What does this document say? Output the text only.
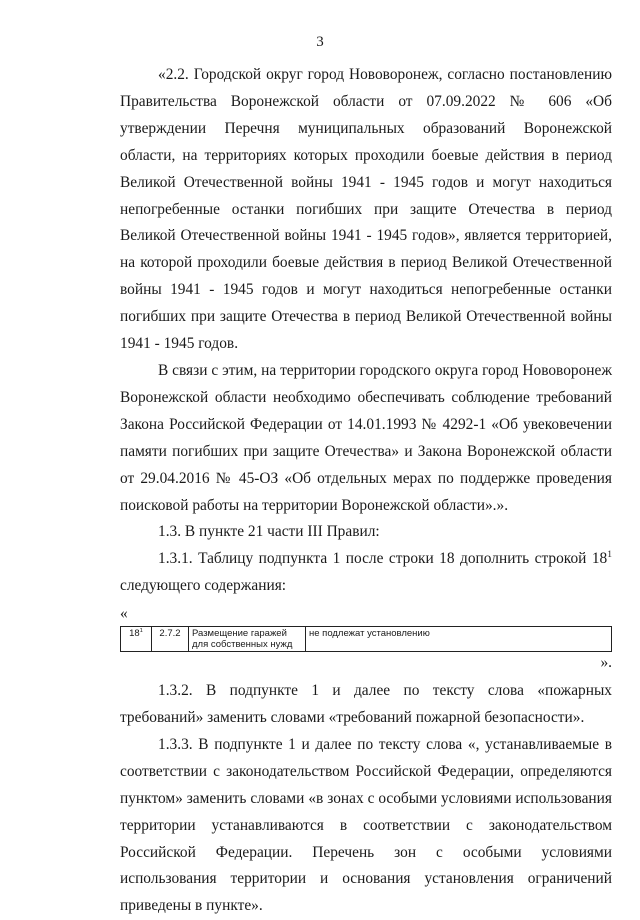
3

«2.2. Городской округ город Нововоронеж, согласно постановлению Правительства Воронежской области от 07.09.2022 № 606 «Об утверждении Перечня муниципальных образований Воронежской области, на территориях которых проходили боевые действия в период Великой Отечественной войны 1941 - 1945 годов и могут находиться непогребенные останки погибших при защите Отечества в период Великой Отечественной войны 1941 - 1945 годов», является территорией, на которой проходили боевые действия в период Великой Отечественной войны 1941 - 1945 годов и могут находиться непогребенные останки погибших при защите Отечества в период Великой Отечественной войны 1941 - 1945 годов.

В связи с этим, на территории городского округа город Нововоронеж Воронежской области необходимо обеспечивать соблюдение требований Закона Российской Федерации от 14.01.1993 № 4292-1 «Об увековечении памяти погибших при защите Отечества» и Закона Воронежской области от 29.04.2016 № 45-ОЗ «Об отдельных мерах по поддержке проведения поисковой работы на территории Воронежской области».».

1.3. В пункте 21 части III Правил:

1.3.1. Таблицу подпункта 1 после строки 18 дополнить строкой $18^1$ следующего содержания:

«
$18^1$	2.7.2	Размещение гаражей для собственных нужд	не подлежат установлению
».

1.3.2. В подпункте 1 и далее по тексту слова «пожарных требований» заменить словами «требований пожарной безопасности».

1.3.3. В подпункте 1 и далее по тексту слова «, устанавливаемые в соответствии с законодательством Российской Федерации, определяются пунктом» заменить словами «в зонах с особыми условиями использования территории устанавливаются в соответствии с законодательством Российской Федерации. Перечень зон с особыми условиями использования территории и основания установления ограничений приведены в пункте».
